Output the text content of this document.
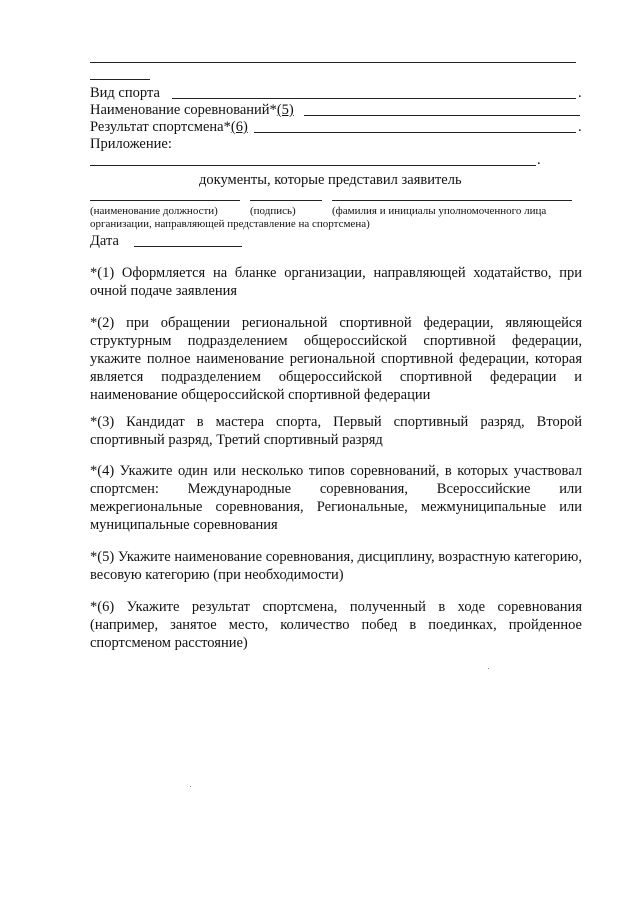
Вид спорта	.
Наименование соревнований*(5)
Результат спортсмена*(6)	.
Приложение:
.
документы, которые представил заявитель
(наименование должности)	(подпись)	(фамилия и инициалы уполномоченного лица
организации, направляющей представление на спортсмена)
Дата
*(1) Оформляется на бланке организации, направляющей ходатайство, при очной подаче заявления
*(2) при обращении региональной спортивной федерации, являющейся структурным подразделением общероссийской спортивной федерации, укажите полное наименование региональной спортивной федерации, которая является подразделением общероссийской спортивной федерации и наименование общероссийской спортивной федерации
*(3) Кандидат в мастера спорта, Первый спортивный разряд, Второй спортивный разряд, Третий спортивный разряд
*(4) Укажите один или несколько типов соревнований, в которых участвовал спортсмен: Международные соревнования, Всероссийские или межрегиональные соревнования, Региональные, межмуниципальные или муниципальные соревнования
*(5) Укажите наименование соревнования, дисциплину, возрастную категорию, весовую категорию (при необходимости)
*(6) Укажите результат спортсмена, полученный в ходе соревнования (например, занятое место, количество побед в поединках, пройденное спортсменом расстояние)
